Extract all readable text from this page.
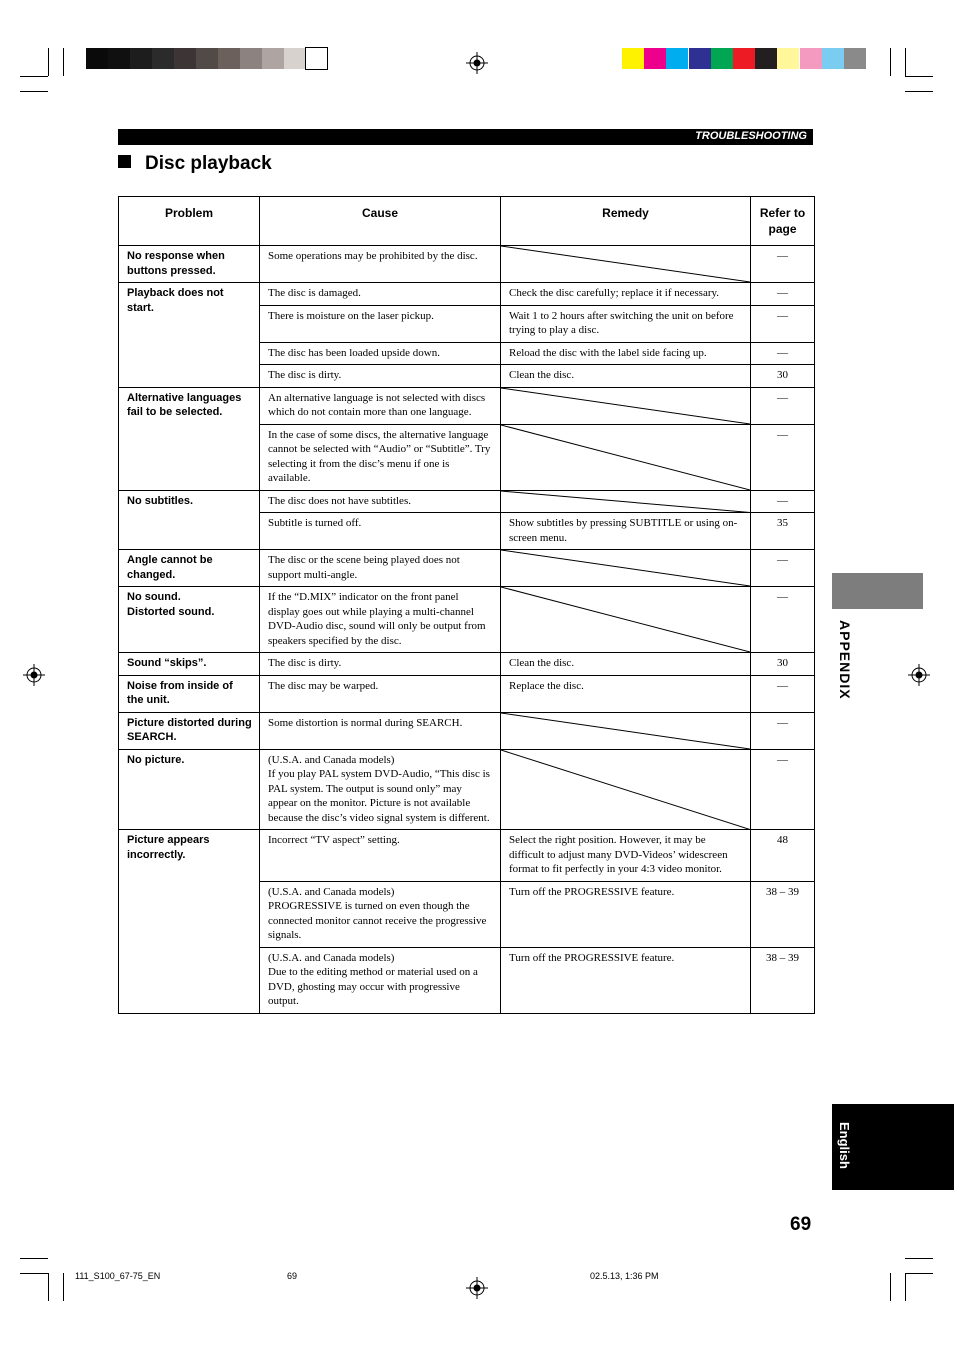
TROUBLESHOOTING
Disc playback
Problem	Cause	Remedy	Refer to page
No response when buttons pressed.	Some operations may be prohibited by the disc.		—
Playback does not start.	The disc is damaged.	Check the disc carefully; replace it if necessary.	—
	There is moisture on the laser pickup.	Wait 1 to 2 hours after switching the unit on before trying to play a disc.	—
	The disc has been loaded upside down.	Reload the disc with the label side facing up.	—
	The disc is dirty.	Clean the disc.	30
Alternative languages fail to be selected.	An alternative language is not selected with discs which do not contain more than one language.		—
	In the case of some discs, the alternative language cannot be selected with “Audio” or “Subtitle”. Try selecting it from the disc’s menu if one is available.		—
No subtitles.	The disc does not have subtitles.		—
	Subtitle is turned off.	Show subtitles by pressing SUBTITLE or using on-screen menu.	35
Angle cannot be changed.	The disc or the scene being played does not support multi-angle.		—
No sound.
Distorted sound.	If the “D.MIX” indicator on the front panel display goes out while playing a multi-channel DVD-Audio disc, sound will only be output from speakers specified by the disc.		—
Sound “skips”.	The disc is dirty.	Clean the disc.	30
Noise from inside of the unit.	The disc may be warped.	Replace the disc.	—
Picture distorted during SEARCH.	Some distortion is normal during SEARCH.		—
No picture.	(U.S.A. and Canada models)
If you play PAL system DVD-Audio, “This disc is PAL system. The output is sound only” may appear on the monitor. Picture is not available because the disc’s video signal system is different.		—
Picture appears incorrectly.	Incorrect “TV aspect” setting.	Select the right position. However, it may be difficult to adjust many DVD-Videos’ widescreen format to fit perfectly in your 4:3 video monitor.	48
	(U.S.A. and Canada models)
PROGRESSIVE is turned on even though the connected monitor cannot receive the progressive signals.	Turn off the PROGRESSIVE feature.	38 – 39
	(U.S.A. and Canada models)
Due to the editing method or material used on a DVD, ghosting may occur with progressive output.	Turn off the PROGRESSIVE feature.	38 – 39
APPENDIX
English
69
111_S100_67-75_EN	69	02.5.13, 1:36 PM
